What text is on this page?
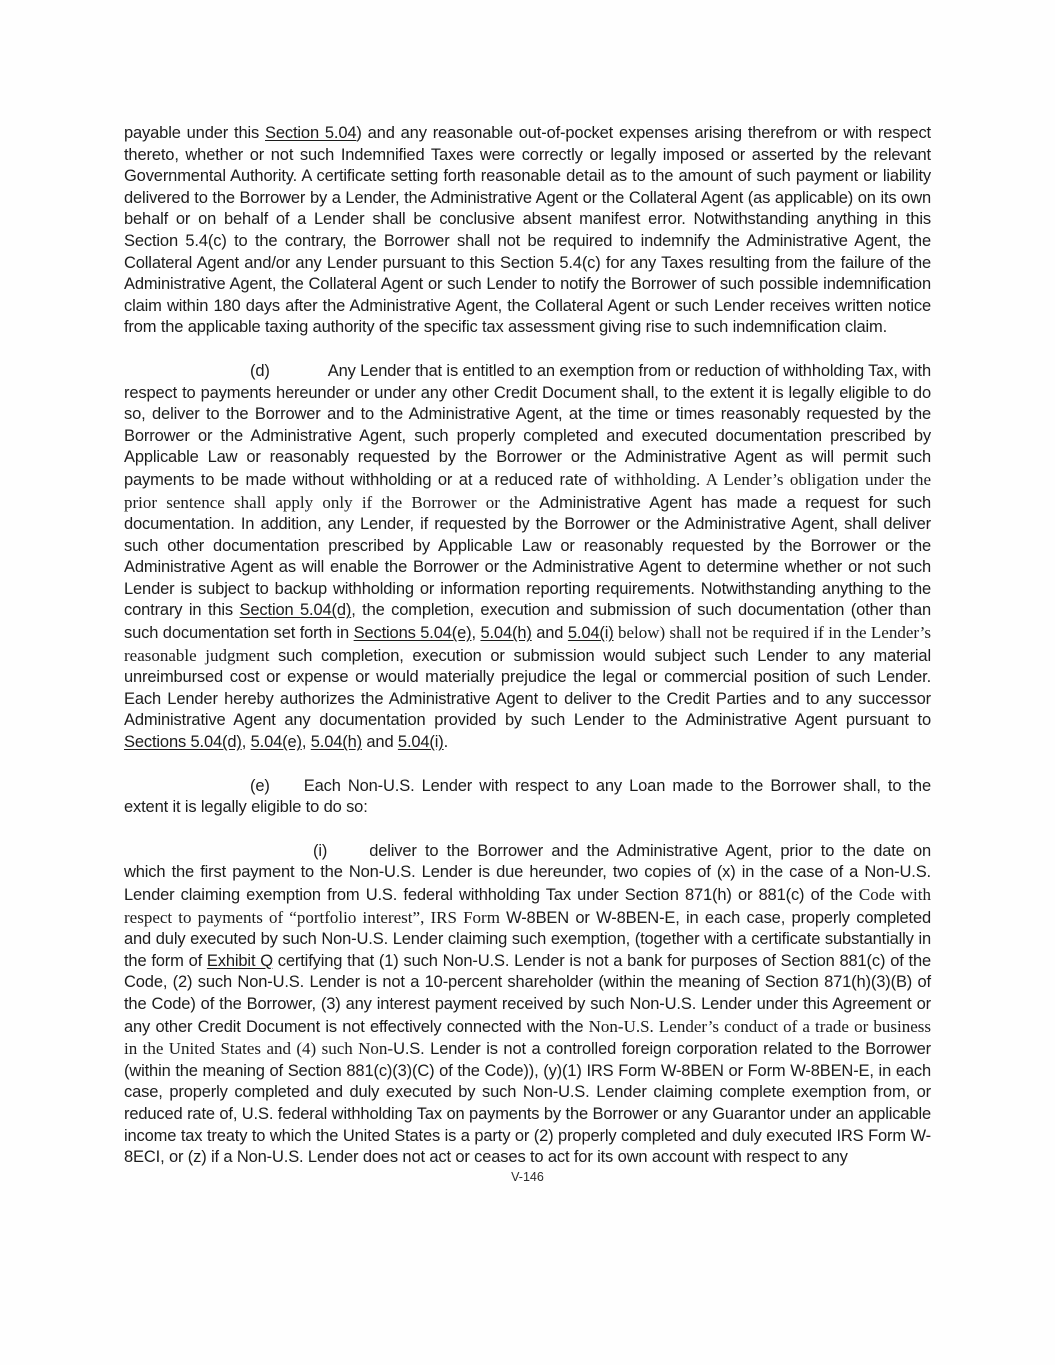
payable under this Section 5.04) and any reasonable out-of-pocket expenses arising therefrom or with respect thereto, whether or not such Indemnified Taxes were correctly or legally imposed or asserted by the relevant Governmental Authority. A certificate setting forth reasonable detail as to the amount of such payment or liability delivered to the Borrower by a Lender, the Administrative Agent or the Collateral Agent (as applicable) on its own behalf or on behalf of a Lender shall be conclusive absent manifest error. Notwithstanding anything in this Section 5.4(c) to the contrary, the Borrower shall not be required to indemnify the Administrative Agent, the Collateral Agent and/or any Lender pursuant to this Section 5.4(c) for any Taxes resulting from the failure of the Administrative Agent, the Collateral Agent or such Lender to notify the Borrower of such possible indemnification claim within 180 days after the Administrative Agent, the Collateral Agent or such Lender receives written notice from the applicable taxing authority of the specific tax assessment giving rise to such indemnification claim.

(d)	Any Lender that is entitled to an exemption from or reduction of withholding Tax, with respect to payments hereunder or under any other Credit Document shall, to the extent it is legally eligible to do so, deliver to the Borrower and to the Administrative Agent, at the time or times reasonably requested by the Borrower or the Administrative Agent, such properly completed and executed documentation prescribed by Applicable Law or reasonably requested by the Borrower or the Administrative Agent as will permit such payments to be made without withholding or at a reduced rate of withholding. A Lender’s obligation under the prior sentence shall apply only if the Borrower or the Administrative Agent has made a request for such documentation. In addition, any Lender, if requested by the Borrower or the Administrative Agent, shall deliver such other documentation prescribed by Applicable Law or reasonably requested by the Borrower or the Administrative Agent as will enable the Borrower or the Administrative Agent to determine whether or not such Lender is subject to backup withholding or information reporting requirements. Notwithstanding anything to the contrary in this Section 5.04(d), the completion, execution and submission of such documentation (other than such documentation set forth in Sections 5.04(e), 5.04(h) and 5.04(i) below) shall not be required if in the Lender’s reasonable judgment such completion, execution or submission would subject such Lender to any material unreimbursed cost or expense or would materially prejudice the legal or commercial position of such Lender. Each Lender hereby authorizes the Administrative Agent to deliver to the Credit Parties and to any successor Administrative Agent any documentation provided by such Lender to the Administrative Agent pursuant to Sections 5.04(d), 5.04(e), 5.04(h) and 5.04(i).

(e) Each Non-U.S. Lender with respect to any Loan made to the Borrower shall, to the extent it is legally eligible to do so:

(i)	deliver to the Borrower and the Administrative Agent, prior to the date on which the first payment to the Non-U.S. Lender is due hereunder, two copies of (x) in the case of a Non-U.S. Lender claiming exemption from U.S. federal withholding Tax under Section 871(h) or 881(c) of the Code with respect to payments of “portfolio interest”, IRS Form W-8BEN or W-8BEN-E, in each case, properly completed and duly executed by such Non-U.S. Lender claiming such exemption, (together with a certificate substantially in the form of Exhibit Q certifying that (1) such Non-U.S. Lender is not a bank for purposes of Section 881(c) of the Code, (2) such Non-U.S. Lender is not a 10-percent shareholder (within the meaning of Section 871(h)(3)(B) of the Code) of the Borrower, (3) any interest payment received by such Non-U.S. Lender under this Agreement or any other Credit Document is not effectively connected with the Non-U.S. Lender’s conduct of a trade or business in the United States and (4) such Non-U.S. Lender is not a controlled foreign corporation related to the Borrower (within the meaning of Section 881(c)(3)(C) of the Code)), (y)(1) IRS Form W-8BEN or Form W-8BEN-E, in each case, properly completed and duly executed by such Non-U.S. Lender claiming complete exemption from, or reduced rate of, U.S. federal withholding Tax on payments by the Borrower or any Guarantor under an applicable income tax treaty to which the United States is a party or (2) properly completed and duly executed IRS Form W-8ECI, or (z) if a Non-U.S. Lender does not act or ceases to act for its own account with respect to any

V-146
